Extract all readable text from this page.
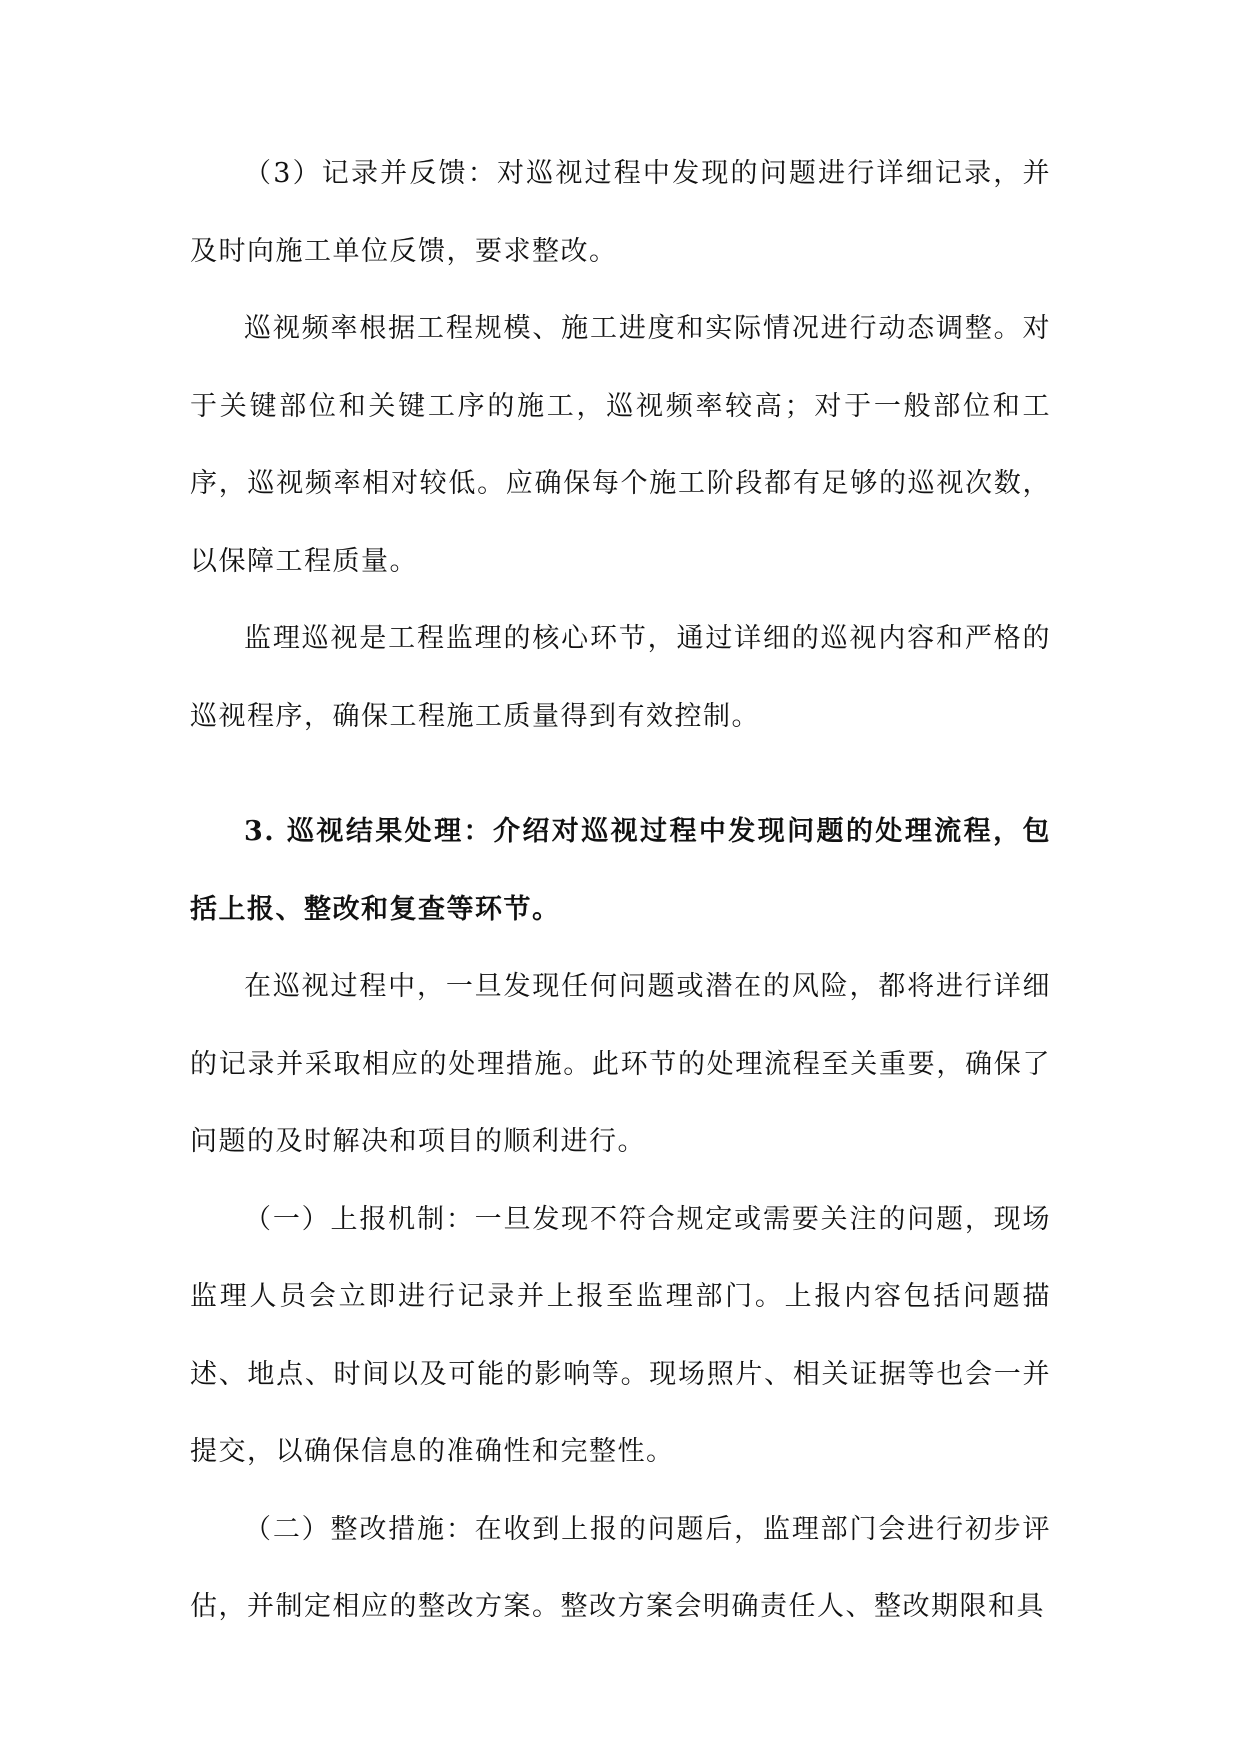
（3）记录并反馈：对巡视过程中发现的问题进行详细记录，并及时向施工单位反馈，要求整改。

巡视频率根据工程规模、施工进度和实际情况进行动态调整。对于关键部位和关键工序的施工，巡视频率较高；对于一般部位和工序，巡视频率相对较低。应确保每个施工阶段都有足够的巡视次数，以保障工程质量。

监理巡视是工程监理的核心环节，通过详细的巡视内容和严格的巡视程序，确保工程施工质量得到有效控制。

3. 巡视结果处理：介绍对巡视过程中发现问题的处理流程，包括上报、整改和复查等环节。

在巡视过程中，一旦发现任何问题或潜在的风险，都将进行详细的记录并采取相应的处理措施。此环节的处理流程至关重要，确保了问题的及时解决和项目的顺利进行。

（一）上报机制：一旦发现不符合规定或需要关注的问题，现场监理人员会立即进行记录并上报至监理部门。上报内容包括问题描述、地点、时间以及可能的影响等。现场照片、相关证据等也会一并提交，以确保信息的准确性和完整性。

（二）整改措施：在收到上报的问题后，监理部门会进行初步评估，并制定相应的整改方案。整改方案会明确责任人、整改期限和具
